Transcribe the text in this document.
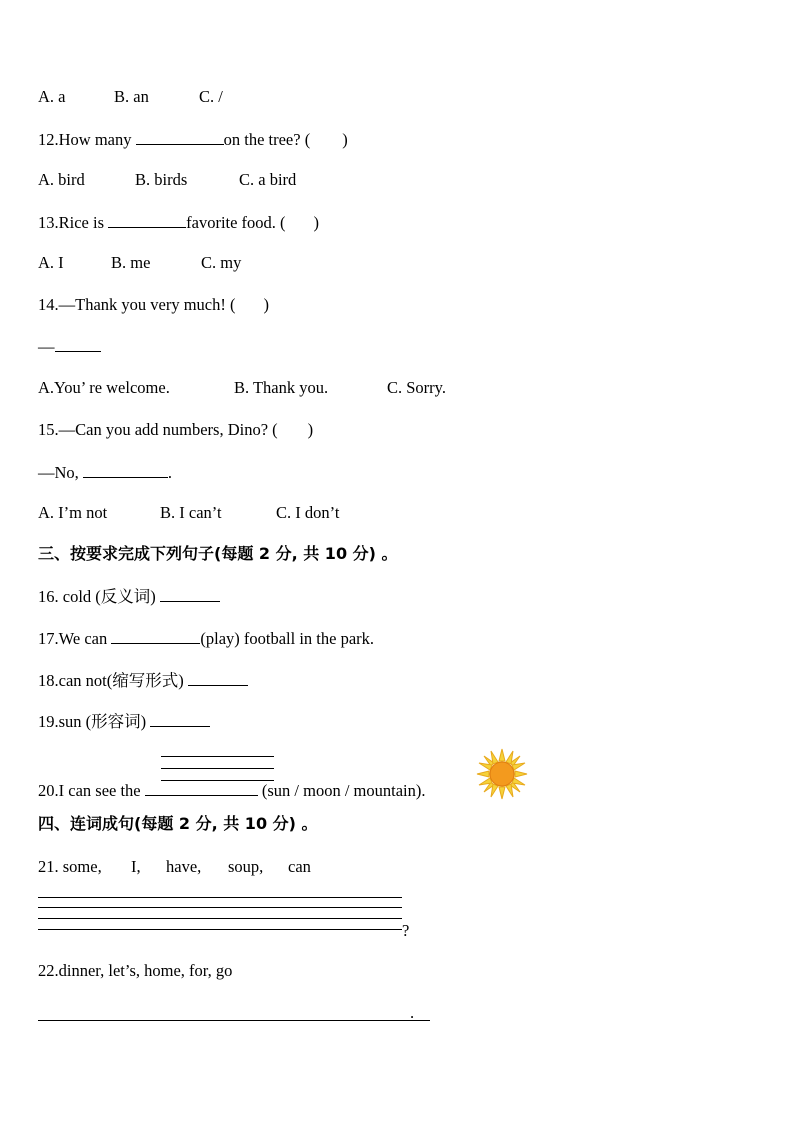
A. a	B. an	C. /
12.How many	on the tree? ( )
A. bird	B. birds	C. a bird
13.Rice is	favorite food. ( )
A. I	B. me	C. my
14.—Thank you very much! ( )
—
A.You’ re welcome.	B. Thank you.	C. Sorry.
15.—Can you add numbers, Dino? ( )
—No,	.
A. I’m not	B. I can’t	C. I don’t
三、按要求完成下列句子(每题 2 分, 共 10 分) 。
16. cold (反义词)
17.We can	(play) football in the park.
18.can not(缩写形式)
19.sun (形容词)
20.I can see the	(sun / moon / mountain).
四、连词成句(每题 2 分, 共 10 分) 。
21. some, I, have, soup, can
?
22.dinner, let’s, home, for, go
.
